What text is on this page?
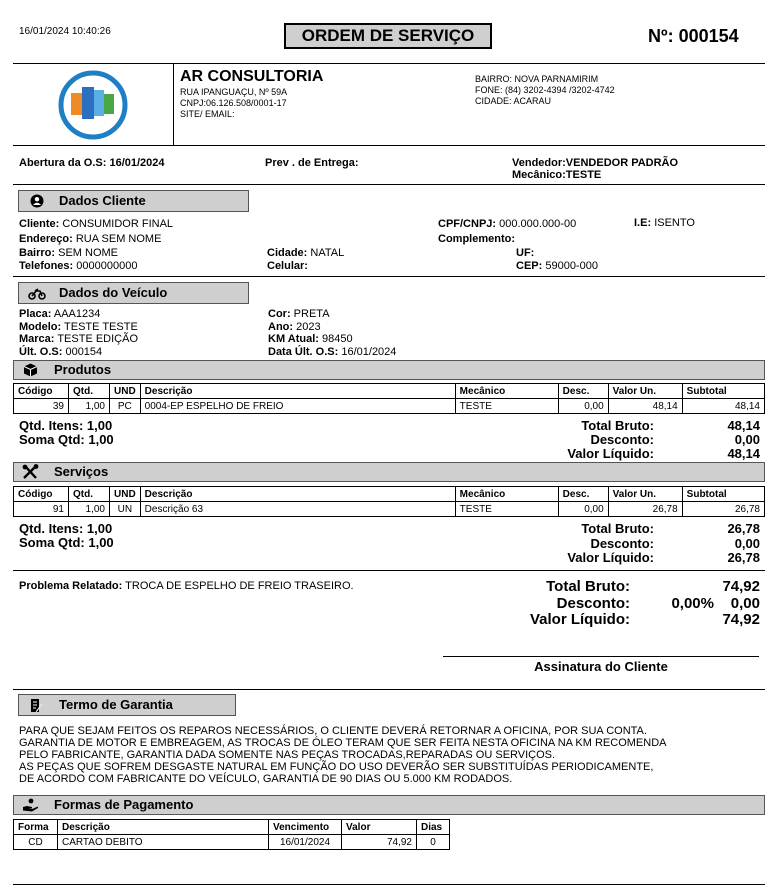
16/01/2024 10:40:26	ORDEM DE SERVIÇO	Nº: 000154
AR CONSULTORIA
RUA IPANGUAÇU, Nº 59A
CNPJ:06.126.508/0001-17
SITE/ EMAIL:
BAIRRO: NOVA PARNAMIRIM
FONE: (84) 3202-4394 /3202-4742
CIDADE: ACARAU
Abertura da O.S: 16/01/2024	Prev . de Entrega:	Vendedor:VENDEDOR PADRÃO
Mecânico:TESTE
Dados Cliente
Cliente: CONSUMIDOR FINAL
Endereço: RUA SEM NOME
Bairro: SEM NOME
Telefones: 0000000000
Cidade: NATAL
Celular:
CPF/CNPJ: 000.000.000-00
Complemento:
UF:
CEP: 59000-000
I.E: ISENTO
Dados do Veículo
Placa: AAA1234
Modelo: TESTE TESTE
Marca: TESTE EDIÇÃO
Últ. O.S: 000154
Cor: PRETA
Ano: 2023
KM Atual: 98450
Data Últ. O.S: 16/01/2024
Produtos
Código	Qtd.	UND	Descrição	Mecânico	Desc.	Valor Un.	Subtotal
39	1,00	PC	0004-EP ESPELHO DE FREIO	TESTE	0,00	48,14	48,14
Qtd. Itens: 1,00
Soma Qtd: 1,00
Total Bruto:	48,14
Desconto:	0,00
Valor Líquido:	48,14
Serviços
Código	Qtd.	UND	Descrição	Mecânico	Desc.	Valor Un.	Subtotal
91	1,00	UN	Descrição 63	TESTE	0,00	26,78	26,78
Qtd. Itens: 1,00
Soma Qtd: 1,00
Total Bruto:	26,78
Desconto:	0,00
Valor Líquido:	26,78
Problema Relatado: TROCA DE ESPELHO DE FREIO TRASEIRO.	Total Bruto:	74,92
Desconto:	0,00%	0,00
Valor Líquido:	74,92
Assinatura do Cliente
Termo de Garantia
PARA QUE SEJAM FEITOS OS REPAROS NECESSÁRIOS, O CLIENTE DEVERÁ RETORNAR A OFICINA, POR SUA CONTA.
GARANTIA DE MOTOR E EMBREAGEM, AS TROCAS DE ÓLEO TERAM QUE SER FEITA NESTA OFICINA NA KM RECOMENDA
PELO FABRICANTE, GARANTIA DADA SOMENTE NAS PEÇAS TROCADAS,REPARADAS OU SERVIÇOS.
AS PEÇAS QUE SOFREM DESGASTE NATURAL EM FUNÇÃO DO USO DEVERÃO SER SUBSTITUÍDAS PERIODICAMENTE,
DE ACORDO COM FABRICANTE DO VEÍCULO, GARANTIA DE 90 DIAS OU 5.000 KM RODADOS.
Formas de Pagamento
Forma	Descrição	Vencimento	Valor	Dias
CD	CARTAO DEBITO	16/01/2024	74,92	0
